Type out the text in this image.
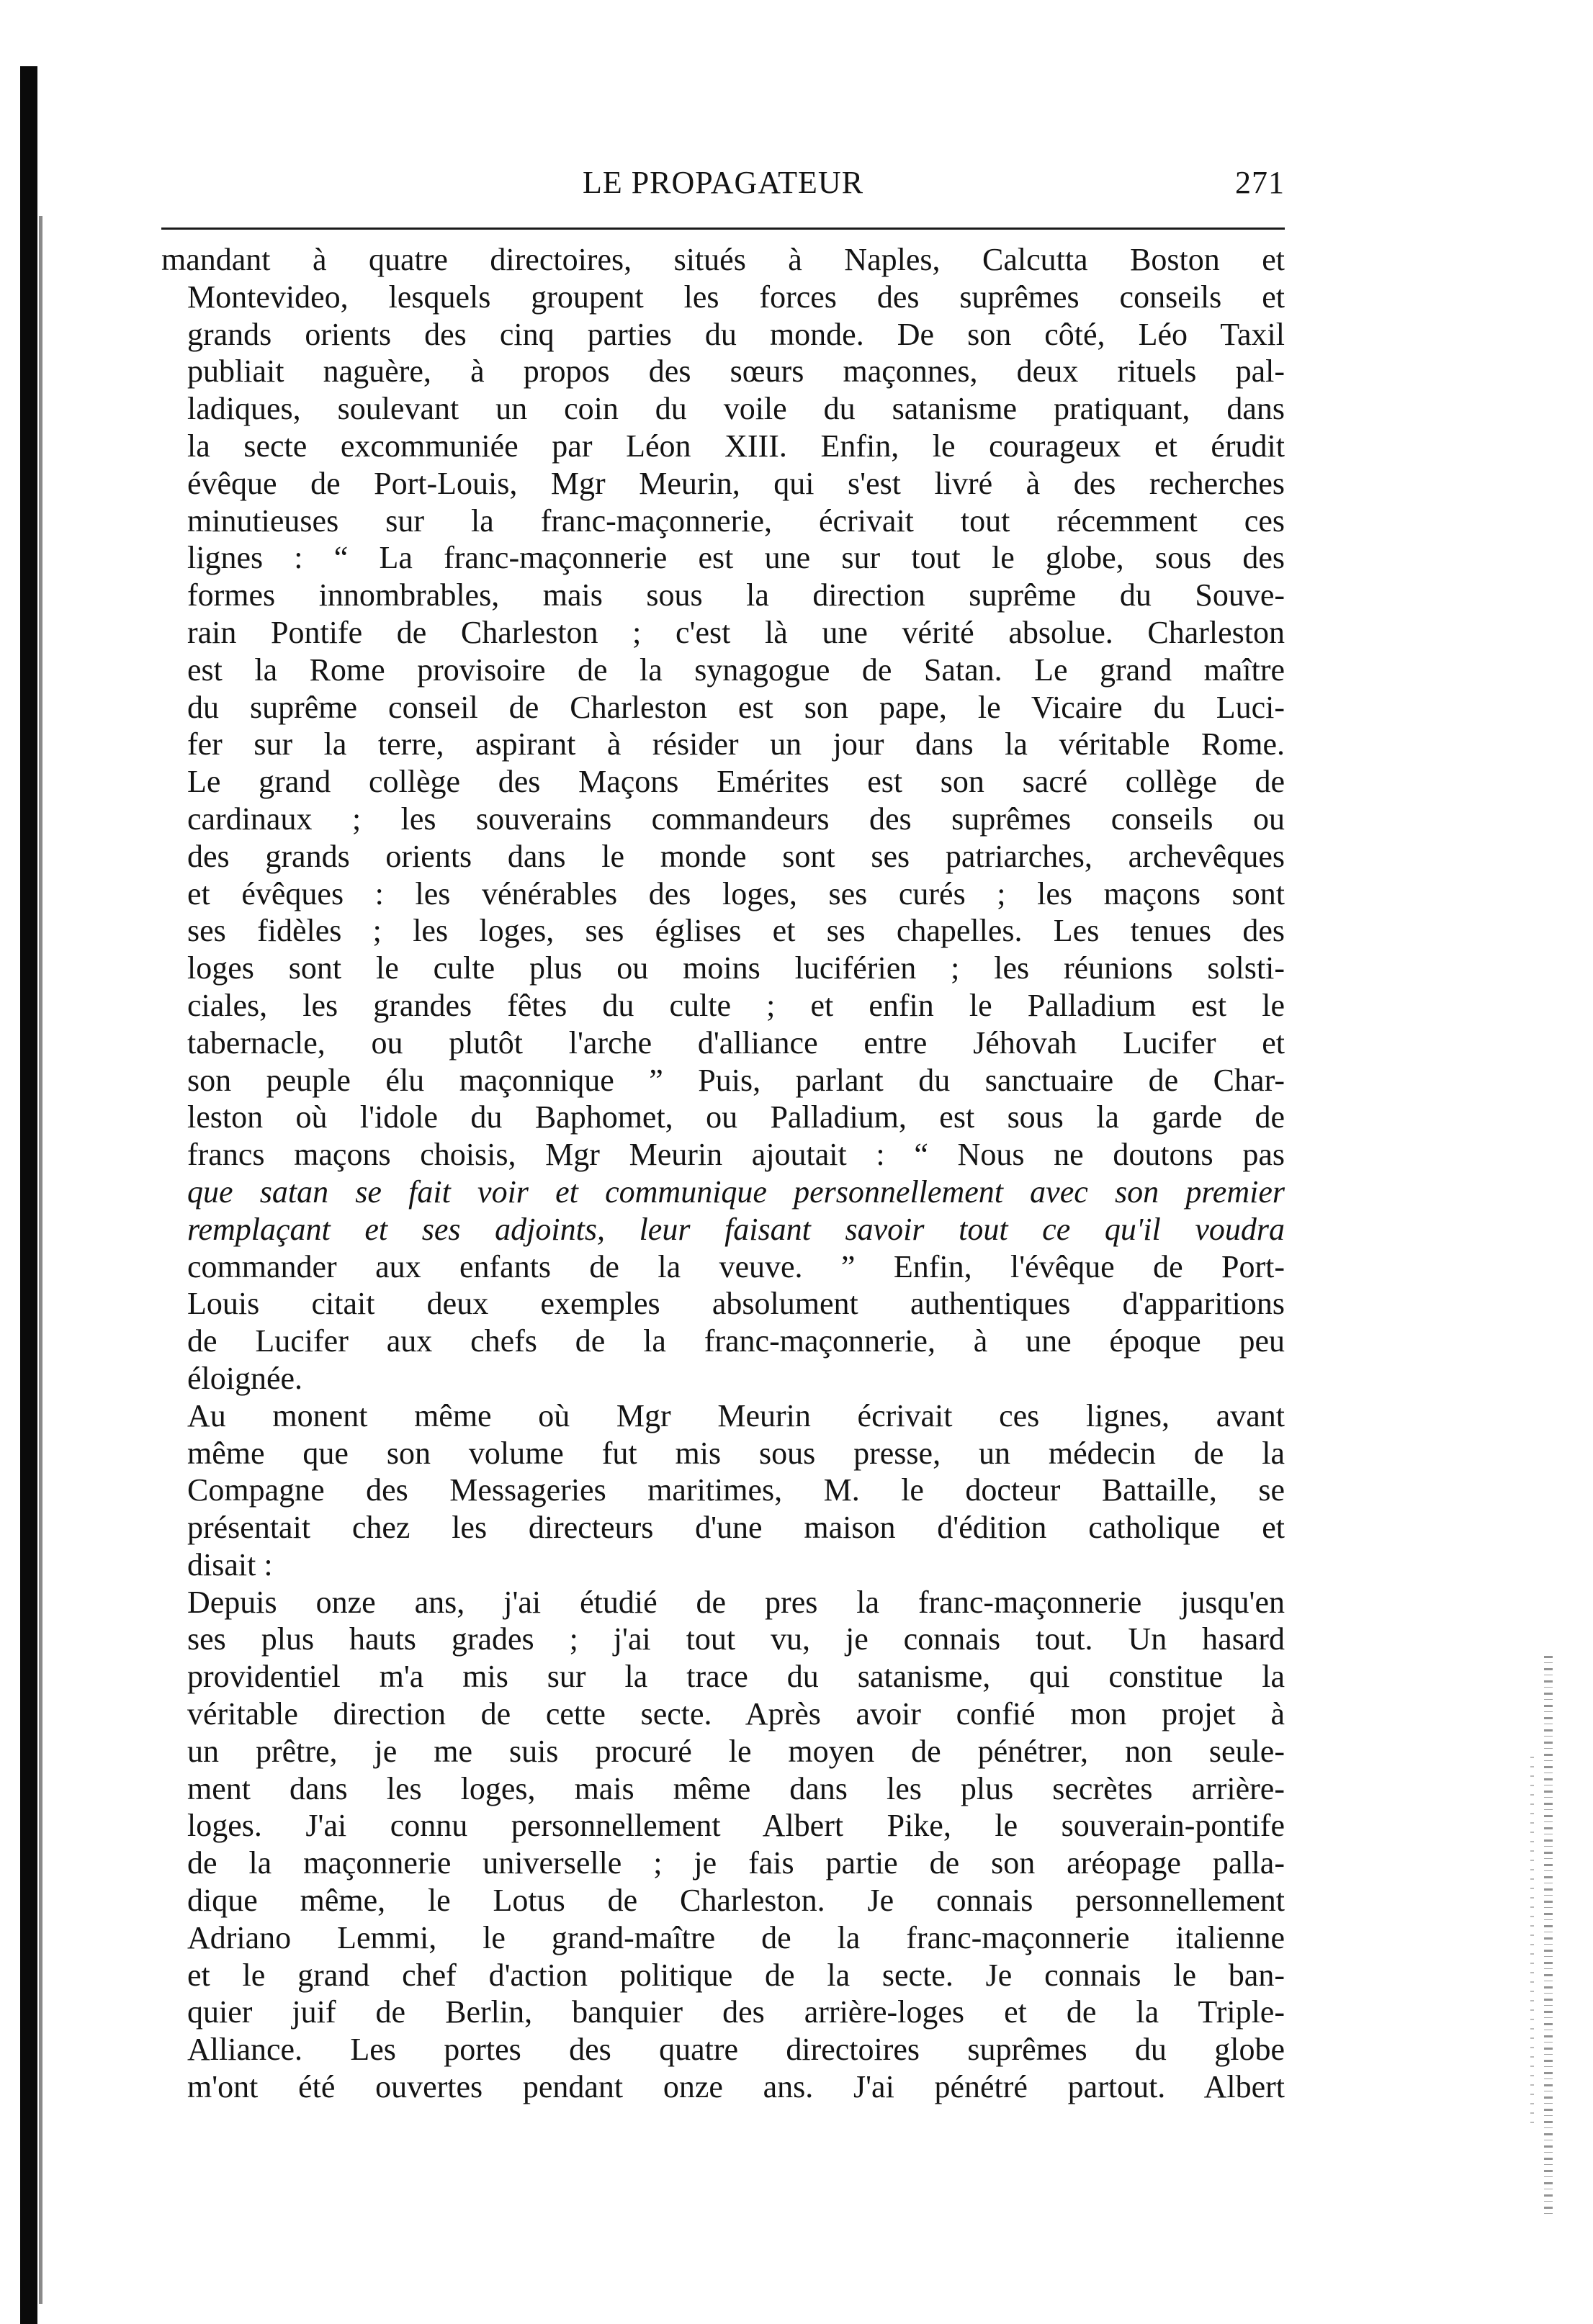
LE PROPAGATEUR	271

mandant à quatre directoires, situés à Naples, Calcutta Boston et
Montevideo, lesquels groupent les forces des suprêmes conseils et
grands orients des cinq parties du monde. De son côté, Léo Taxil
publiait naguère, à propos des sœurs maçonnes, deux rituels pal-
ladiques, soulevant un coin du voile du satanisme pratiquant, dans
la secte excommuniée par Léon XIII. Enfin, le courageux et érudit
évêque de Port-Louis, Mgr Meurin, qui s'est livré à des recherches
minutieuses sur la franc-maçonnerie, écrivait tout récemment ces
lignes : “ La franc-maçonnerie est une sur tout le globe, sous des
formes innombrables, mais sous la direction suprême du Souve-
rain Pontife de Charleston ; c'est là une vérité absolue. Charleston
est la Rome provisoire de la synagogue de Satan. Le grand maître
du suprême conseil de Charleston est son pape, le Vicaire du Luci-
fer sur la terre, aspirant à résider un jour dans la véritable Rome.
Le grand collège des Maçons Emérites est son sacré collège de
cardinaux ; les souverains commandeurs des suprêmes conseils ou
des grands orients dans le monde sont ses patriarches, archevêques
et évêques : les vénérables des loges, ses curés ; les maçons sont
ses fidèles ; les loges, ses églises et ses chapelles. Les tenues des
loges sont le culte plus ou moins luciférien ; les réunions solsti-
ciales, les grandes fêtes du culte ; et enfin le Palladium est le
tabernacle, ou plutôt l'arche d'alliance entre Jéhovah Lucifer et
son peuple élu maçonnique ” Puis, parlant du sanctuaire de Char-
leston où l'idole du Baphomet, ou Palladium, est sous la garde de
francs maçons choisis, Mgr Meurin ajoutait : “ Nous ne doutons pas
que satan se fait voir et communique personnellement avec son premier
remplaçant et ses adjoints, leur faisant savoir tout ce qu'il voudra
commander aux enfants de la veuve. ” Enfin, l'évêque de Port-
Louis citait deux exemples absolument authentiques d'apparitions
de Lucifer aux chefs de la franc-maçonnerie, à une époque peu
éloignée.

Au monent même où Mgr Meurin écrivait ces lignes, avant
même que son volume fut mis sous presse, un médecin de la
Compagne des Messageries maritimes, M. le docteur Battaille, se
présentait chez les directeurs d'une maison d'édition catholique et
disait :

Depuis onze ans, j'ai étudié de pres la franc-maçonnerie jusqu'en
ses plus hauts grades ; j'ai tout vu, je connais tout. Un hasard
providentiel m'a mis sur la trace du satanisme, qui constitue la
véritable direction de cette secte. Après avoir confié mon projet à
un prêtre, je me suis procuré le moyen de pénétrer, non seule-
ment dans les loges, mais même dans les plus secrètes arrière-
loges. J'ai connu personnellement Albert Pike, le souverain-pontife
de la maçonnerie universelle ; je fais partie de son aréopage palla-
dique même, le Lotus de Charleston. Je connais personnellement
Adriano Lemmi, le grand-maître de la franc-maçonnerie italienne
et le grand chef d'action politique de la secte. Je connais le ban-
quier juif de Berlin, banquier des arrière-loges et de la Triple-
Alliance. Les portes des quatre directoires suprêmes du globe
m'ont été ouvertes pendant onze ans. J'ai pénétré partout. Albert
